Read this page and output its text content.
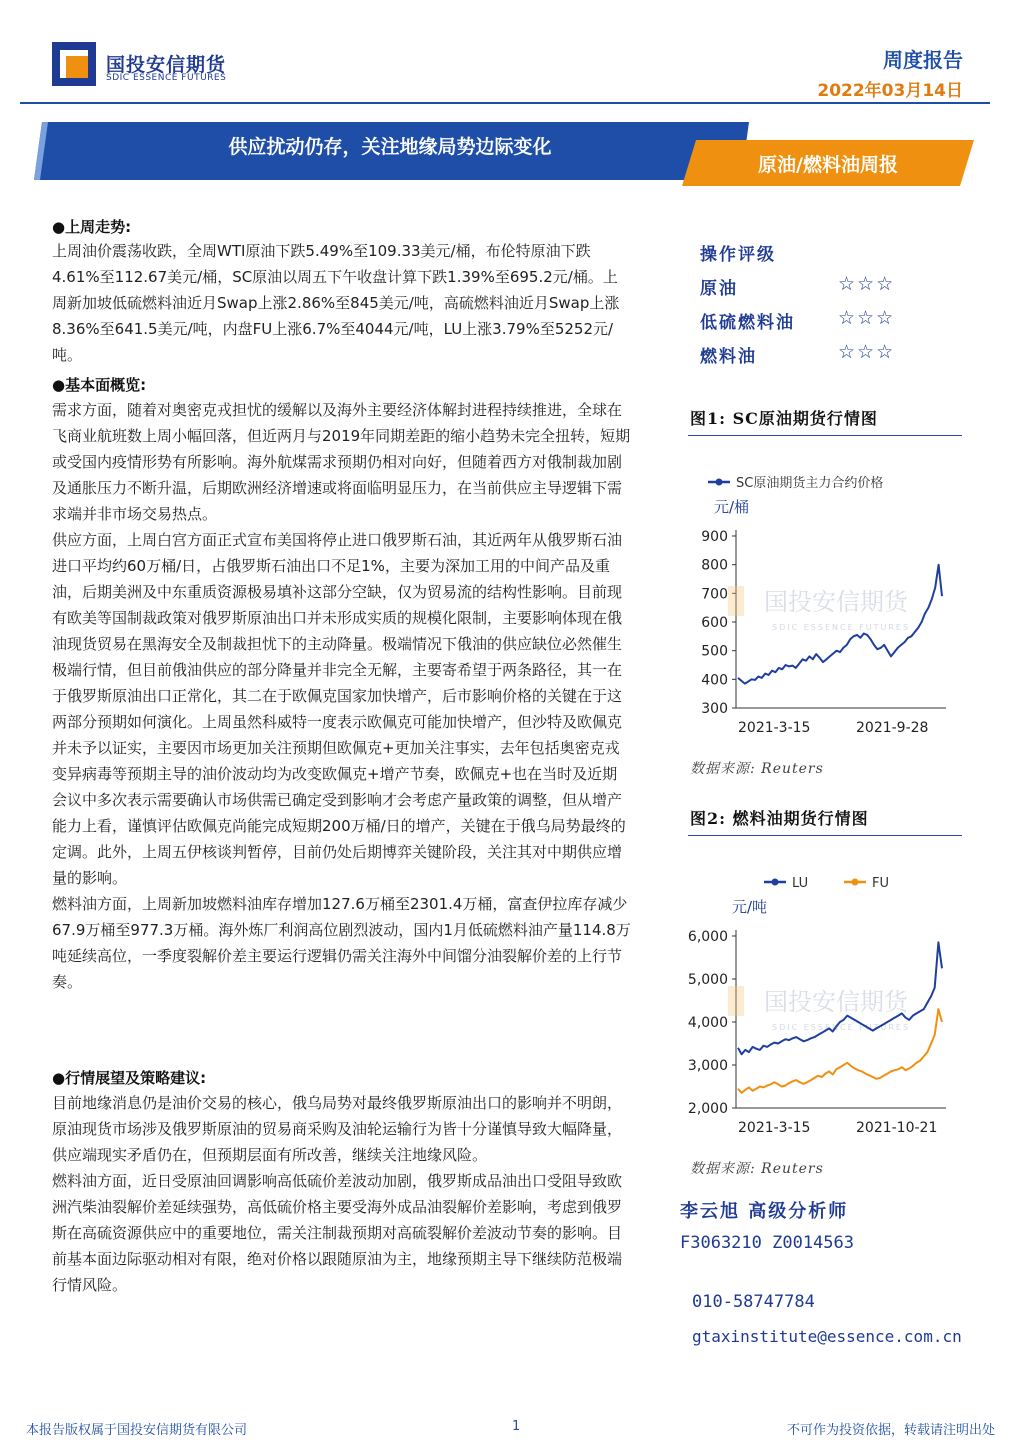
国投安信期货
SDIC ESSENCE FUTURES
周度报告
2022年03月14日
供应扰动仍存，关注地缘局势边际变化
原油/燃料油周报
●上周走势:

上周油价震荡收跌，全周WTI原油下跌5.49%至109.33美元/桶，布伦特原油下跌4.61%至112.67美元/桶，SC原油以周五下午收盘计算下跌1.39%至695.2元/桶。上周新加坡低硫燃料油近月Swap上涨2.86%至845美元/吨，高硫燃料油近月Swap上涨8.36%至641.5美元/吨，内盘FU上涨6.7%至4044元/吨，LU上涨3.79%至5252元/吨。

●基本面概览:

需求方面，随着对奥密克戎担忧的缓解以及海外主要经济体解封进程持续推进，全球在飞商业航班数上周小幅回落，但近两月与2019年同期差距的缩小趋势未完全扭转，短期或受国内疫情形势有所影响。海外航煤需求预期仍相对向好，但随着西方对俄制裁加剧及通胀压力不断升温，后期欧洲经济增速或将面临明显压力，在当前供应主导逻辑下需求端并非市场交易热点。

供应方面，上周白宫方面正式宣布美国将停止进口俄罗斯石油，其近两年从俄罗斯石油进口平均约60万桶/日，占俄罗斯石油出口不足1%，主要为深加工用的中间产品及重油，后期美洲及中东重质资源极易填补这部分空缺，仅为贸易流的结构性影响。目前现有欧美等国制裁政策对俄罗斯原油出口并未形成实质的规模化限制，主要影响体现在俄油现货贸易在黑海安全及制裁担忧下的主动降量。极端情况下俄油的供应缺位必然催生极端行情，但目前俄油供应的部分降量并非完全无解，主要寄希望于两条路径，其一在于俄罗斯原油出口正常化，其二在于欧佩克国家加快增产，后市影响价格的关键在于这两部分预期如何演化。上周虽然科威特一度表示欧佩克可能加快增产，但沙特及欧佩克并未予以证实，主要因市场更加关注预期但欧佩克+更加关注事实，去年包括奥密克戎变异病毒等预期主导的油价波动均为改变欧佩克+增产节奏，欧佩克+也在当时及近期会议中多次表示需要确认市场供需已确定受到影响才会考虑产量政策的调整，但从增产能力上看，谨慎评估欧佩克尚能完成短期200万桶/日的增产，关键在于俄乌局势最终的定调。此外，上周五伊核谈判暂停，目前仍处后期博弈关键阶段，关注其对中期供应增量的影响。

燃料油方面，上周新加坡燃料油库存增加127.6万桶至2301.4万桶，富查伊拉库存减少67.9万桶至977.3万桶。海外炼厂利润高位剧烈波动，国内1月低硫燃料油产量114.8万吨延续高位，一季度裂解价差主要运行逻辑仍需关注海外中间馏分油裂解价差的上行节奏。

●行情展望及策略建议:

目前地缘消息仍是油价交易的核心，俄乌局势对最终俄罗斯原油出口的影响并不明朗，原油现货市场涉及俄罗斯原油的贸易商采购及油轮运输行为皆十分谨慎导致大幅降量，供应端现实矛盾仍在，但预期层面有所改善，继续关注地缘风险。

燃料油方面，近日受原油回调影响高低硫价差波动加剧，俄罗斯成品油出口受阻导致欧洲汽柴油裂解价差延续强势，高低硫价格主要受海外成品油裂解价差影响，考虑到俄罗斯在高硫资源供应中的重要地位，需关注制裁预期对高硫裂解价差波动节奏的影响。目前基本面边际驱动相对有限，绝对价格以跟随原油为主，地缘预期主导下继续防范极端行情风险。

操作评级
原油	☆☆☆
低硫燃料油 ☆☆☆
燃料油	☆☆☆
图1: SC原油期货行情图
SC原油期货主力合约价格
元/桶
900
800
700
600
500
400
300
2021-3-15	2021-9-28
国投安信期货
SDIC ESSENCE FUTURES
数据来源: Reuters
图2: 燃料油期货行情图
LU	FU
元/吨
6,000
5,000
4,000
3,000
2,000
2021-3-15	2021-10-21
国投安信期货
SDIC ESSENCE FUTURES
数据来源: Reuters
李云旭 高级分析师
F3063210 Z0014563
010-58747784
gtaxinstitute@essence.com.cn
本报告版权属于国投安信期货有限公司	1	不可作为投资依据，转载请注明出处
